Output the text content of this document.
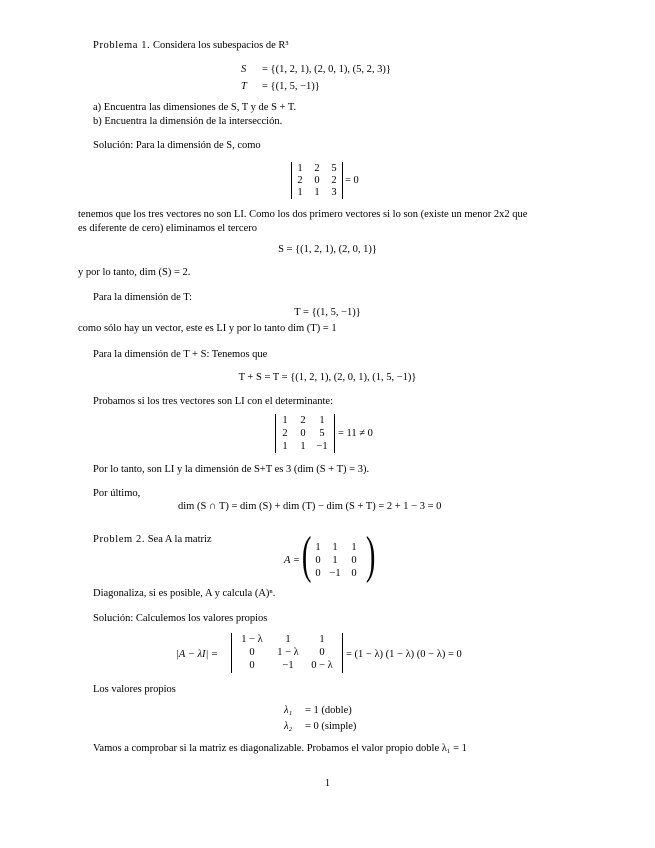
Problema 1. Considera los subespacios de R³
S = {(1, 2, 1), (2, 0, 1), (5, 2, 3)}
T = {(1, 5, −1)}
a) Encuentra las dimensiones de S, T y de S + T.
b) Encuentra la dimensión de la intersección.
Solución: Para la dimensión de S, como
1	2	5
2	0	2
1	1	3
= 0
tenemos que los tres vectores no son LI. Como los dos primero vectores si lo son (existe un menor 2x2 que
es diferente de cero) eliminamos el tercero
S = {(1, 2, 1), (2, 0, 1)}
y por lo tanto, dim (S) = 2.
Para la dimensión de T:
T = {(1, 5, −1)}
como sólo hay un vector, este es LI y por lo tanto dim (T) = 1
Para la dimensión de T + S: Tenemos que
T + S = T = {(1, 2, 1), (2, 0, 1), (1, 5, −1)}
Probamos si los tres vectores son LI con el determinante:
1	2	1
2	0	5
1	1	−1
= 11 ≠ 0
Por lo tanto, son LI y la dimensión de S+T es 3 (dim (S + T) = 3).
Por último,
dim (S ∩ T) = dim (S) + dim (T) − dim (S + T) = 2 + 1 − 3 = 0
Problem 2. Sea A la matriz
A = ( )
1	1	1
0	1	0
0 −1	0
Diagonaliza, si es posible, A y calcula (A)ⁿ.
Solución: Calculemos los valores propios
|A − λI| =
1 − λ	1	1
0	1 − λ	0
0	−1	0 − λ
= (1 − λ) (1 − λ) (0 − λ) = 0
Los valores propios
λ₁ = 1 (doble)
λ₂ = 0 (simple)
Vamos a comprobar si la matriz es diagonalizable. Probamos el valor propio doble λ₁ = 1
1
